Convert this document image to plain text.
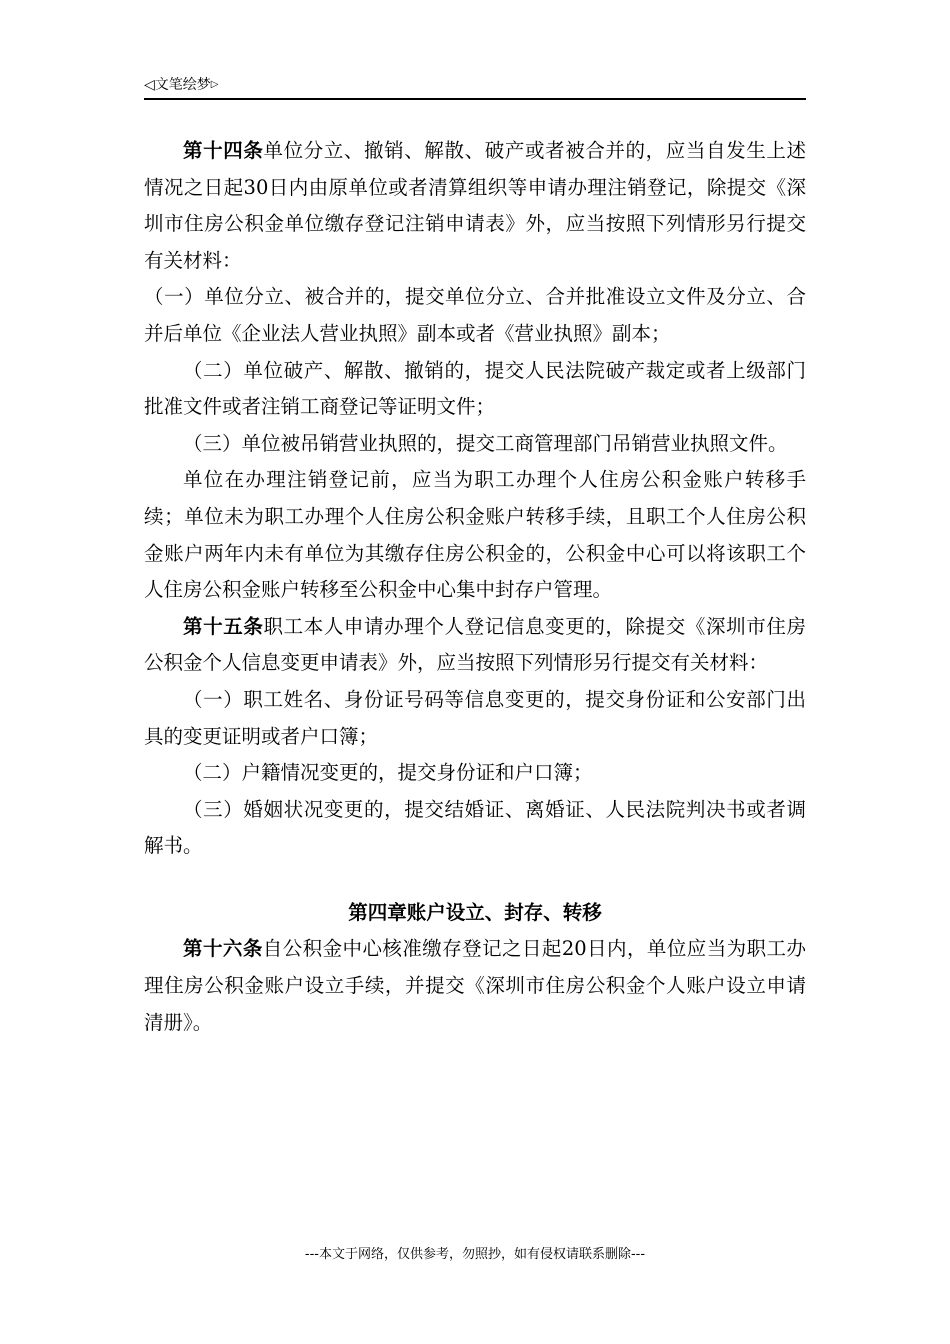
◁文笔绘梦▷

第十四条单位分立、撤销、解散、破产或者被合并的，应当自发生上述情况之日起30日内由原单位或者清算组织等申请办理注销登记，除提交《深圳市住房公积金单位缴存登记注销申请表》外，应当按照下列情形另行提交有关材料：

（一）单位分立、被合并的，提交单位分立、合并批准设立文件及分立、合并后单位《企业法人营业执照》副本或者《营业执照》副本；

（二）单位破产、解散、撤销的，提交人民法院破产裁定或者上级部门批准文件或者注销工商登记等证明文件；

（三）单位被吊销营业执照的，提交工商管理部门吊销营业执照文件。

单位在办理注销登记前，应当为职工办理个人住房公积金账户转移手续；单位未为职工办理个人住房公积金账户转移手续，且职工个人住房公积金账户两年内未有单位为其缴存住房公积金的，公积金中心可以将该职工个人住房公积金账户转移至公积金中心集中封存户管理。

第十五条职工本人申请办理个人登记信息变更的，除提交《深圳市住房公积金个人信息变更申请表》外，应当按照下列情形另行提交有关材料：

（一）职工姓名、身份证号码等信息变更的，提交身份证和公安部门出具的变更证明或者户口簿；

（二）户籍情况变更的，提交身份证和户口簿；

（三）婚姻状况变更的，提交结婚证、离婚证、人民法院判决书或者调解书。

第四章账户设立、封存、转移

第十六条自公积金中心核准缴存登记之日起20日内，单位应当为职工办理住房公积金账户设立手续，并提交《深圳市住房公积金个人账户设立申请清册》。

---本文于网络，仅供参考，勿照抄，如有侵权请联系删除---
